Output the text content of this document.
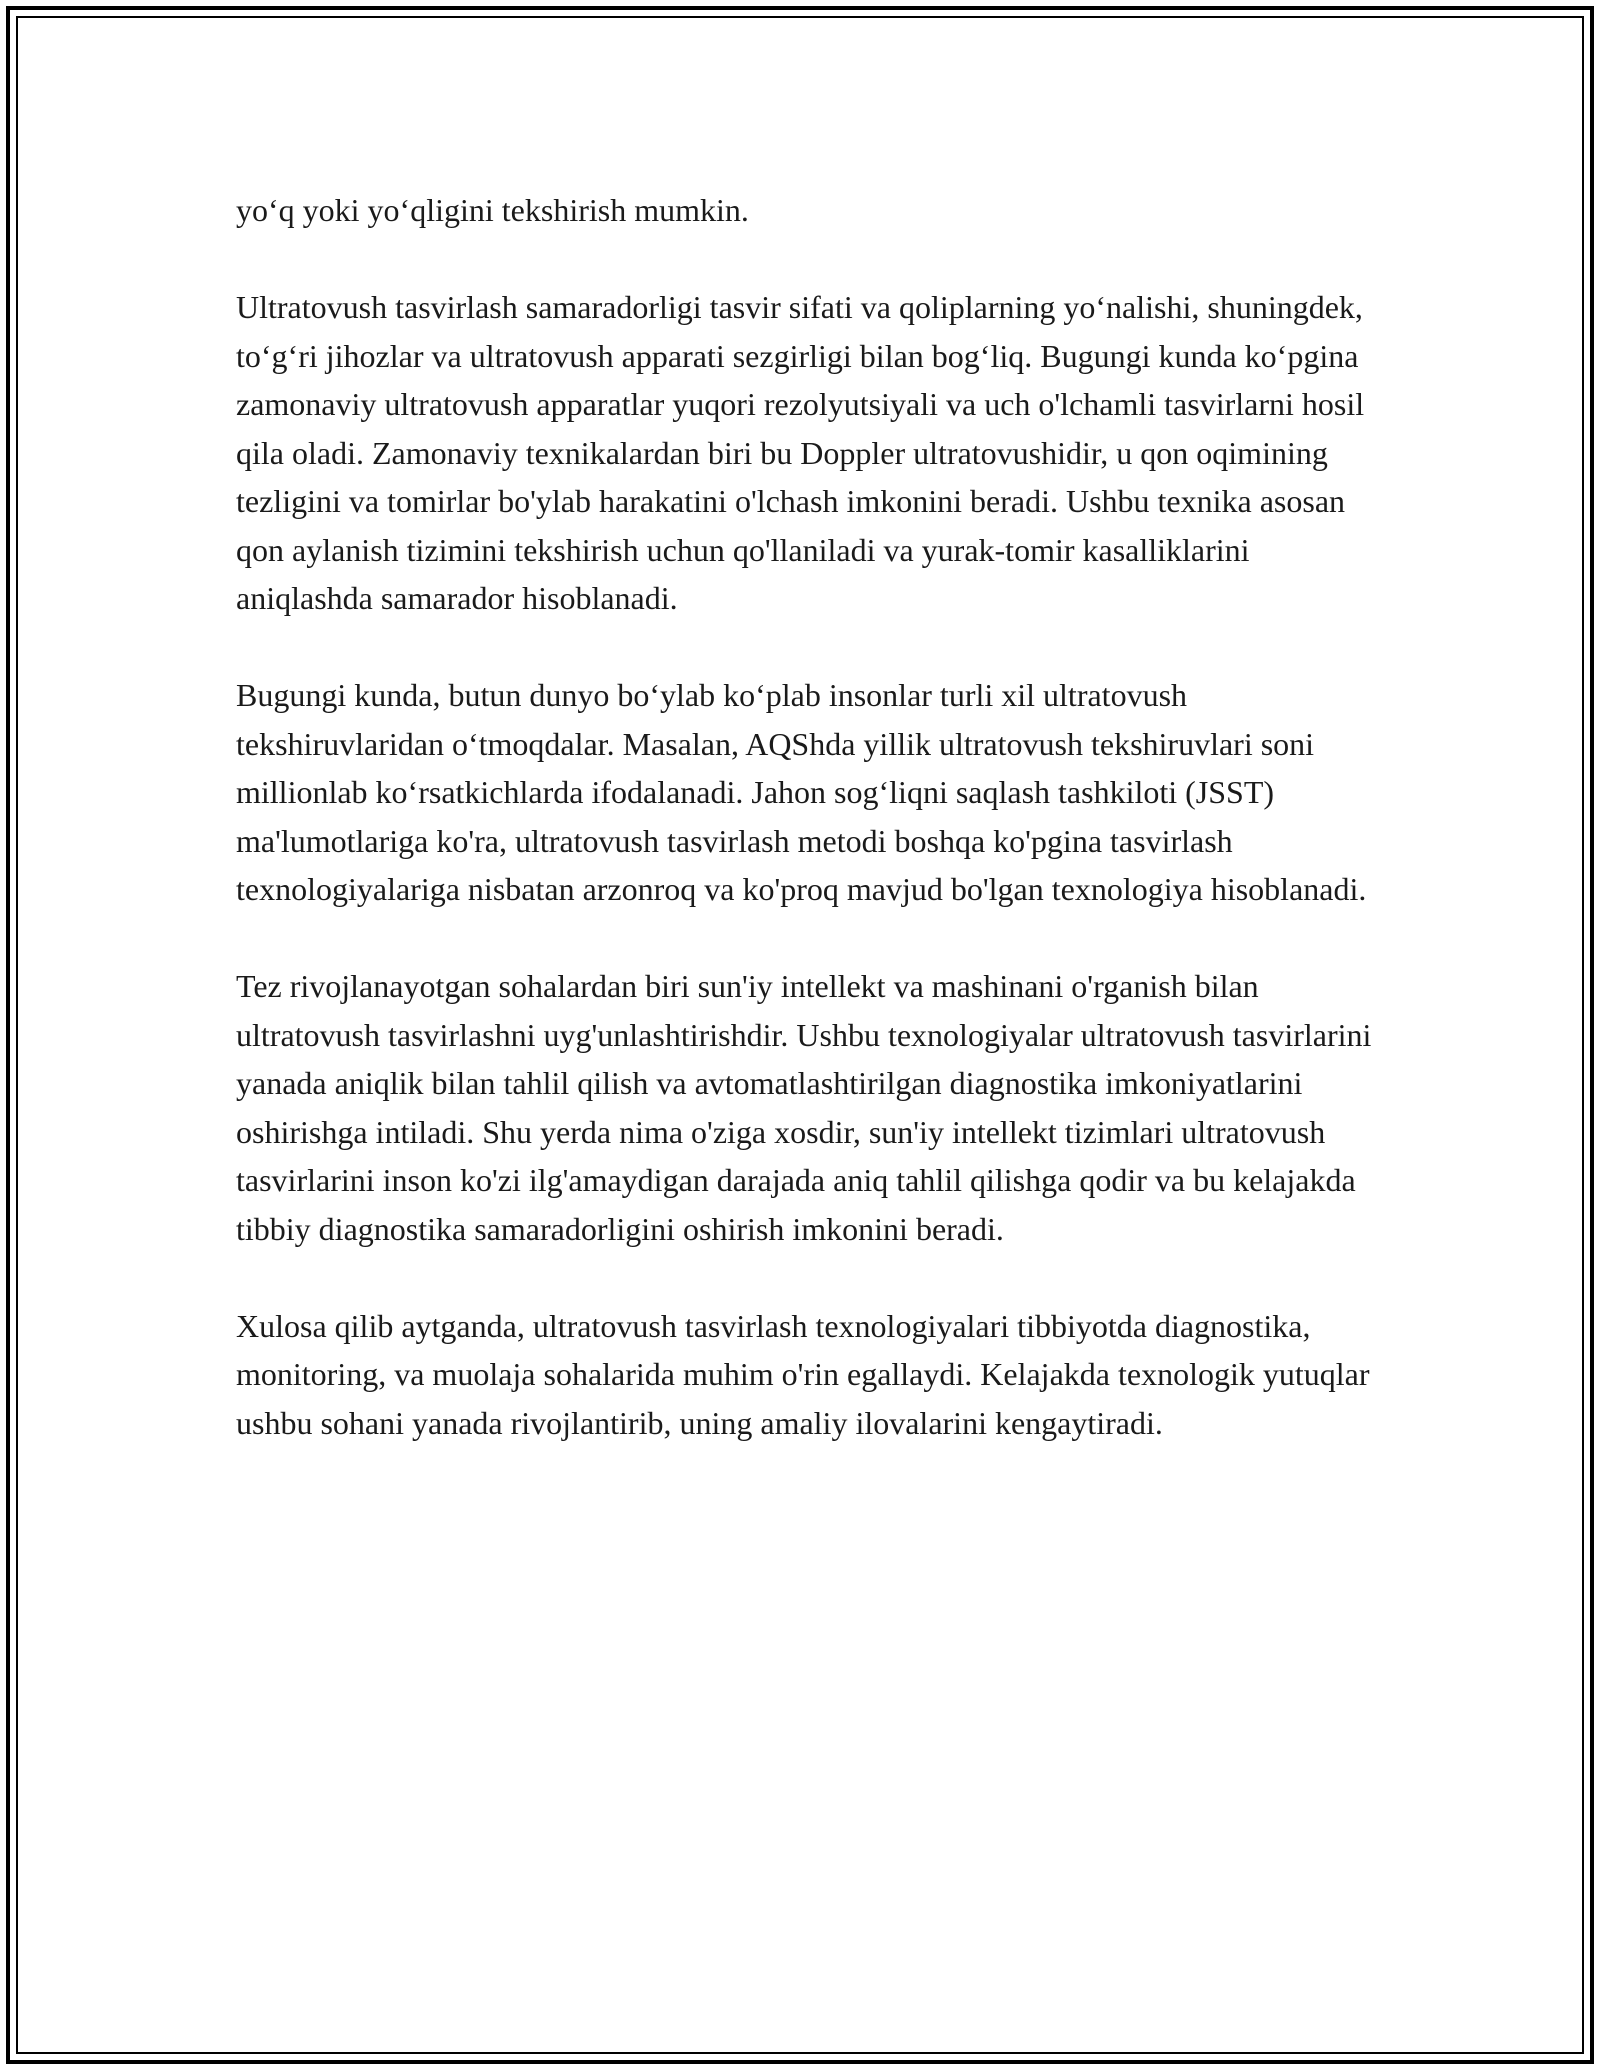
yo‘q yoki yo‘qligini tekshirish mumkin.

Ultratovush tasvirlash samaradorligi tasvir sifati va qoliplarning yo‘nalishi, shuningdek, to‘g‘ri jihozlar va ultratovush apparati sezgirligi bilan bog‘liq. Bugungi kunda ko‘pgina zamonaviy ultratovush apparatlar yuqori rezolyutsiyali va uch o'lchamli tasvirlarni hosil qila oladi. Zamonaviy texnikalardan biri bu Doppler ultratovushidir, u qon oqimining tezligini va tomirlar bo'ylab harakatini o'lchash imkonini beradi. Ushbu texnika asosan qon aylanish tizimini tekshirish uchun qo'llaniladi va yurak-tomir kasalliklarini aniqlashda samarador hisoblanadi.

Bugungi kunda, butun dunyo bo‘ylab ko‘plab insonlar turli xil ultratovush tekshiruvlaridan o‘tmoqdalar. Masalan, AQShda yillik ultratovush tekshiruvlari soni millionlab ko‘rsatkichlarda ifodalanadi. Jahon sog‘liqni saqlash tashkiloti (JSST) ma'lumotlariga ko'ra, ultratovush tasvirlash metodi boshqa ko'pgina tasvirlash texnologiyalariga nisbatan arzonroq va ko'proq mavjud bo'lgan texnologiya hisoblanadi.

Tez rivojlanayotgan sohalardan biri sun'iy intellekt va mashinani o'rganish bilan ultratovush tasvirlashni uyg'unlashtirishdir. Ushbu texnologiyalar ultratovush tasvirlarini yanada aniqlik bilan tahlil qilish va avtomatlashtirilgan diagnostika imkoniyatlarini oshirishga intiladi. Shu yerda nima o'ziga xosdir, sun'iy intellekt tizimlari ultratovush tasvirlarini inson ko'zi ilg'amaydigan darajada aniq tahlil qilishga qodir va bu kelajakda tibbiy diagnostika samaradorligini oshirish imkonini beradi.

Xulosa qilib aytganda, ultratovush tasvirlash texnologiyalari tibbiyotda diagnostika, monitoring, va muolaja sohalarida muhim o'rin egallaydi. Kelajakda texnologik yutuqlar ushbu sohani yanada rivojlantirib, uning amaliy ilovalarini kengaytiradi.
